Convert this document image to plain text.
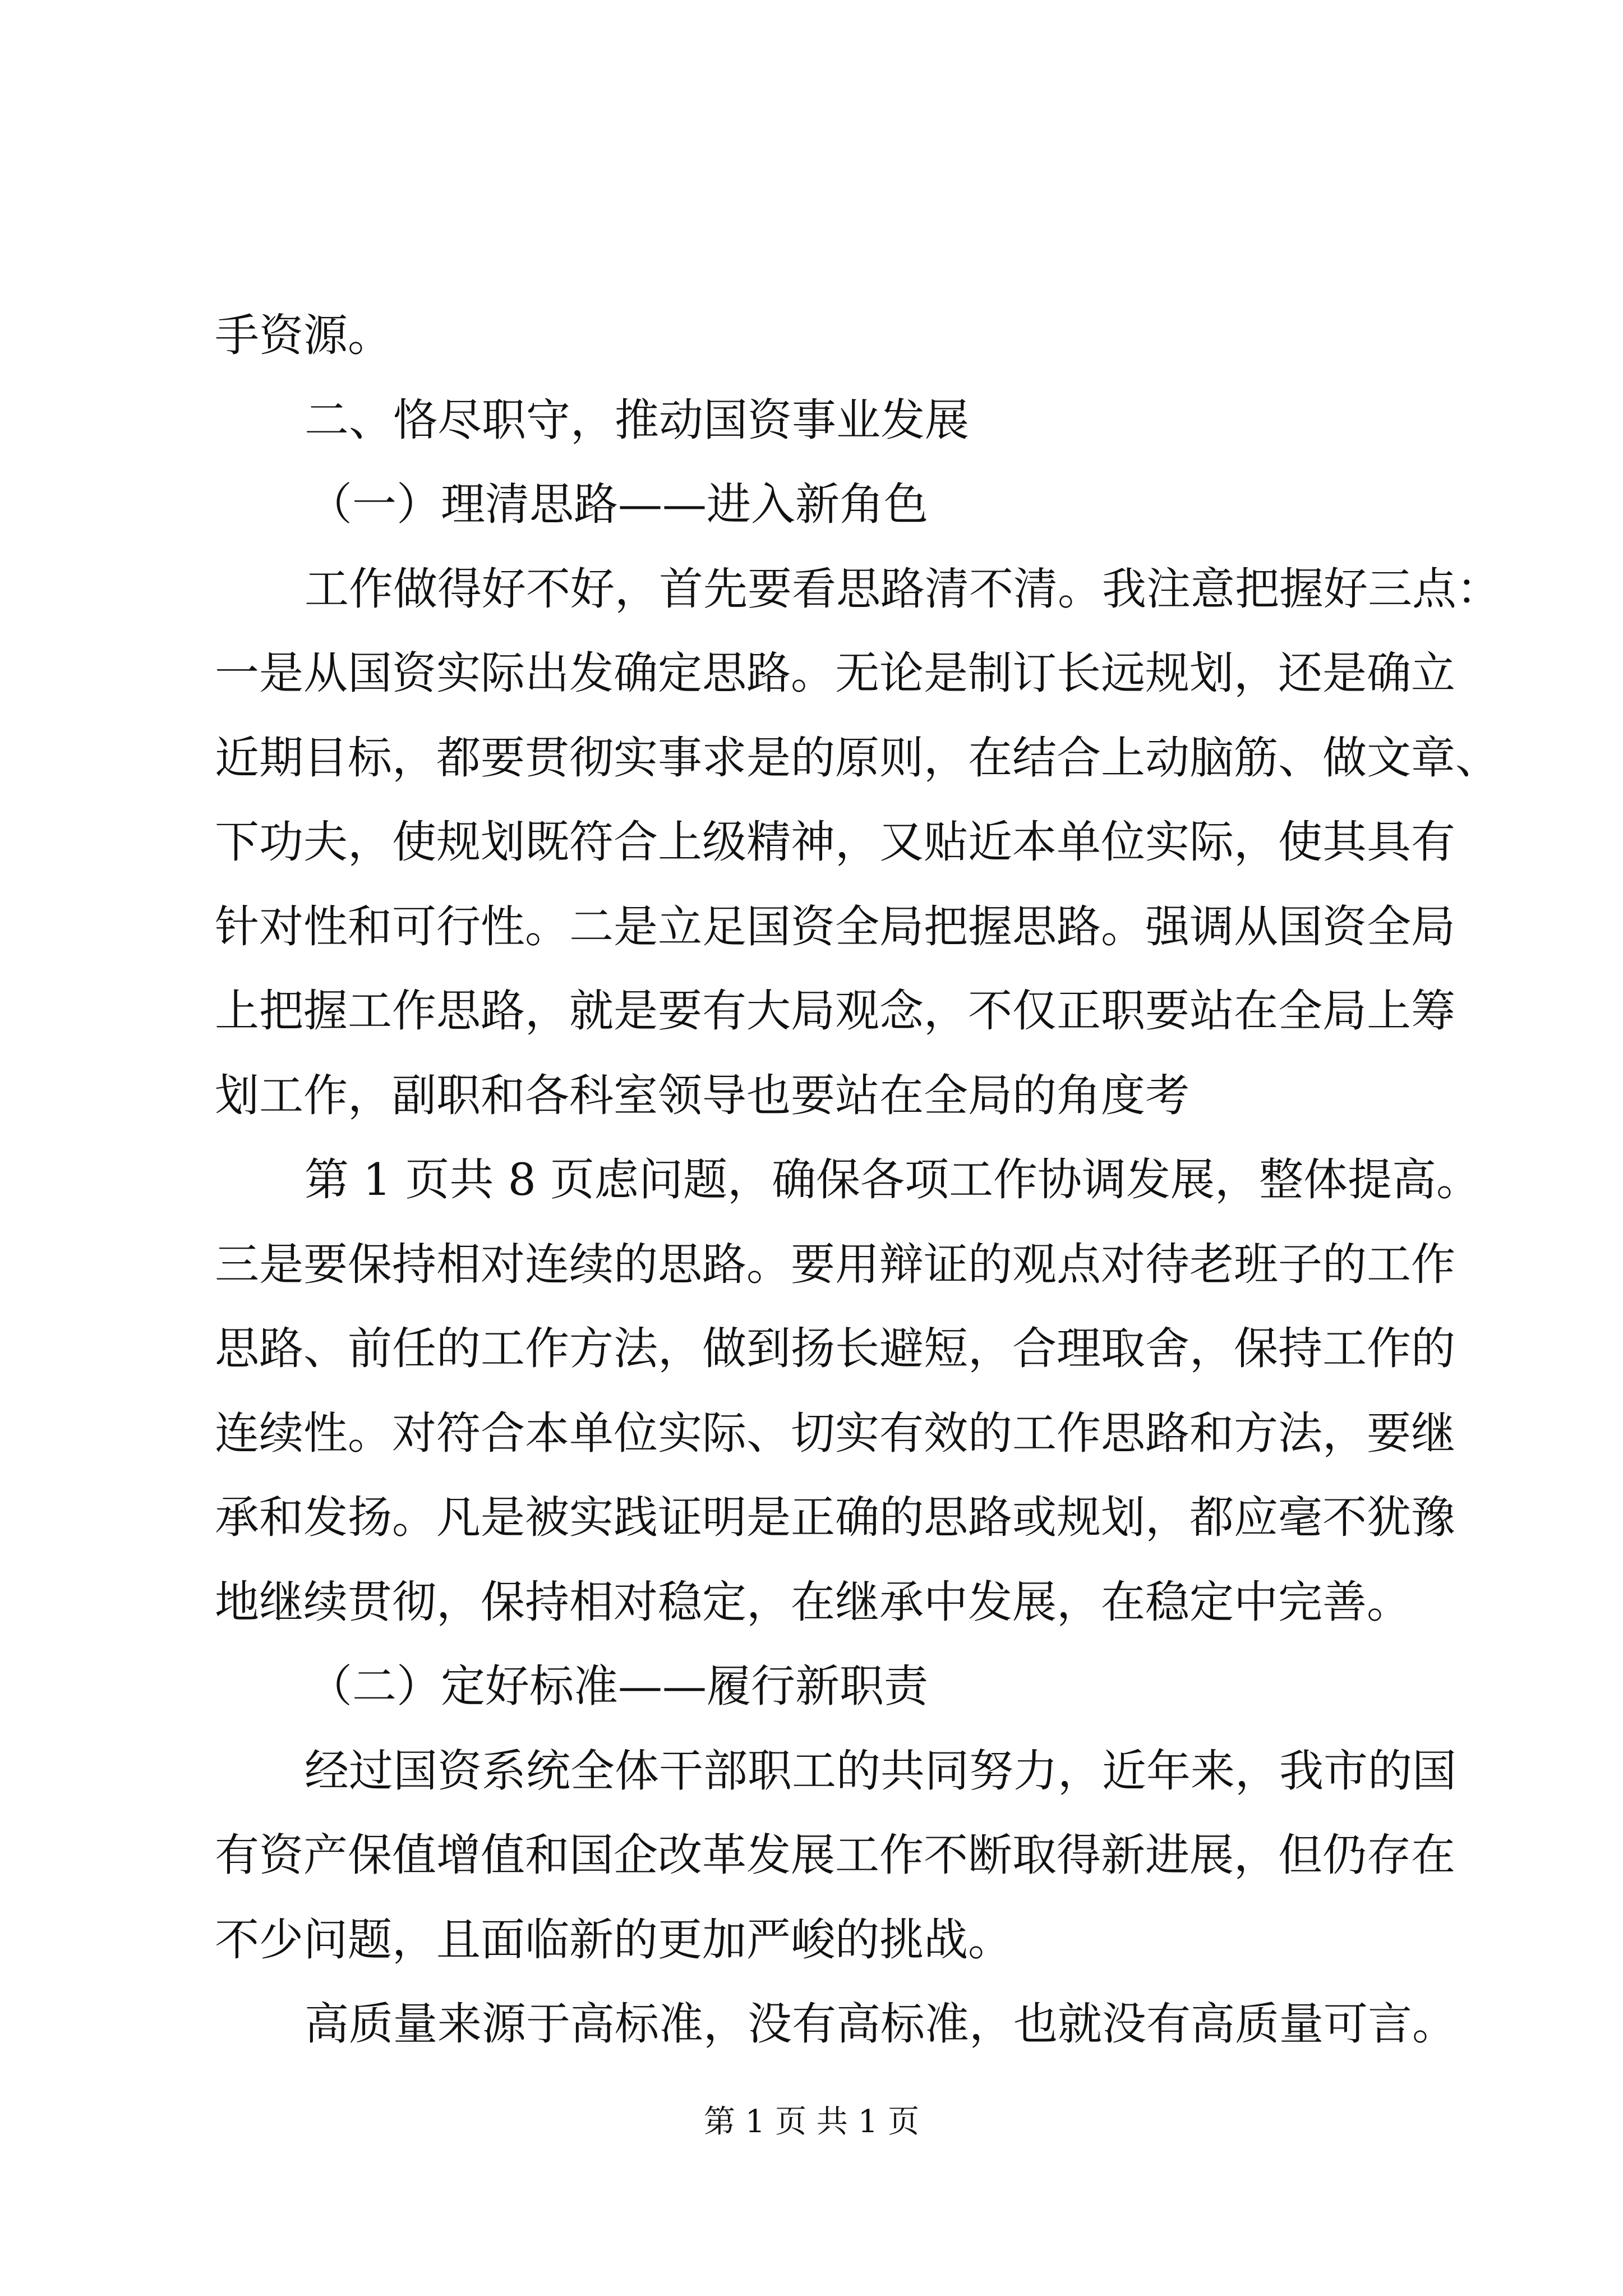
手资源。
二、恪尽职守，推动国资事业发展
（一）理清思路——进入新角色
工作做得好不好，首先要看思路清不清。我注意把握好三点：
一是从国资实际出发确定思路。无论是制订长远规划，还是确立
近期目标，都要贯彻实事求是的原则，在结合上动脑筋、做文章、
下功夫，使规划既符合上级精神，又贴近本单位实际，使其具有
针对性和可行性。二是立足国资全局把握思路。强调从国资全局
上把握工作思路，就是要有大局观念，不仅正职要站在全局上筹
划工作，副职和各科室领导也要站在全局的角度考
第 1 页共 8 页虑问题，确保各项工作协调发展，整体提高。
三是要保持相对连续的思路。要用辩证的观点对待老班子的工作
思路、前任的工作方法，做到扬长避短，合理取舍，保持工作的
连续性。对符合本单位实际、切实有效的工作思路和方法，要继
承和发扬。凡是被实践证明是正确的思路或规划，都应毫不犹豫
地继续贯彻，保持相对稳定，在继承中发展，在稳定中完善。
（二）定好标准——履行新职责
经过国资系统全体干部职工的共同努力，近年来，我市的国
有资产保值增值和国企改革发展工作不断取得新进展，但仍存在
不少问题，且面临新的更加严峻的挑战。
高质量来源于高标准，没有高标准，也就没有高质量可言。
第 1 页 共 1 页
